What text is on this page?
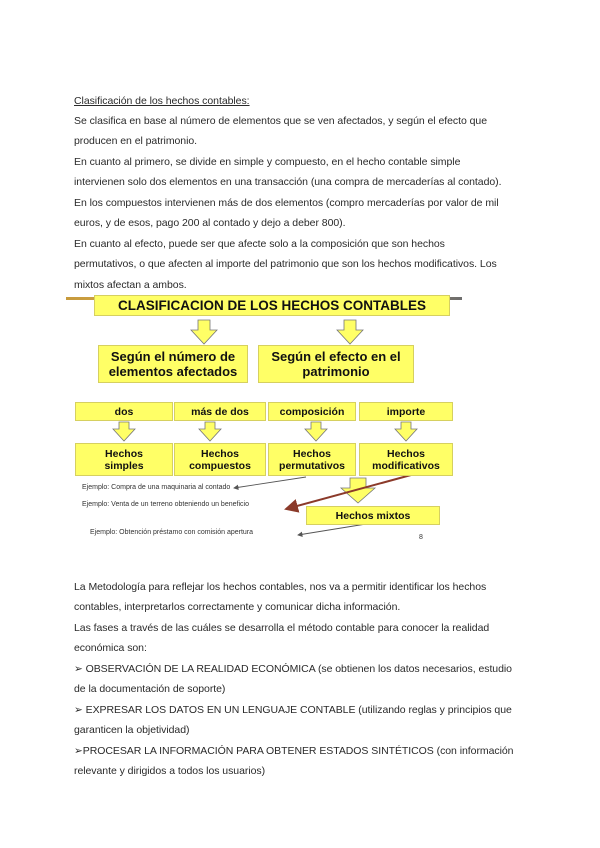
Clasificación de los hechos contables:
Se clasifica en base al número de elementos que se ven afectados, y según el efecto que
producen en el patrimonio.
En cuanto al primero, se divide en simple y compuesto, en el hecho contable simple
intervienen solo dos elementos en una transacción (una compra de mercaderías al contado).
En los compuestos intervienen más de dos elementos (compro mercaderías por valor de mil
euros, y de esos, pago 200 al contado y dejo a deber 800).
En cuanto al efecto, puede ser que afecte solo a la composición que son hechos
permutativos, o que afecten al importe del patrimonio que son los hechos modificativos. Los
mixtos afectan a ambos.
CLASIFICACION DE LOS HECHOS CONTABLES
Según el número de
elementos afectados
Según el efecto en el
patrimonio
dos	más de dos	composición	importe
Hechos
simples
Hechos
compuestos
Hechos
permutativos
Hechos
modificativos
Hechos mixtos
Ejemplo: Compra de una maquinaria al contado
Ejemplo: Venta de un terreno obteniendo un beneficio
Ejemplo: Obtención préstamo con comisión apertura
8
La Metodología para reflejar los hechos contables, nos va a permitir identificar los hechos
contables, interpretarlos correctamente y comunicar dicha información.
Las fases a través de las cuáles se desarrolla el método contable para conocer la realidad
económica son:
➢ OBSERVACIÓN DE LA REALIDAD ECONÓMICA (se obtienen los datos necesarios, estudio
de la documentación de soporte)
➢ EXPRESAR LOS DATOS EN UN LENGUAJE CONTABLE (utilizando reglas y principios que
garanticen la objetividad)
➢PROCESAR LA INFORMACIÓN PARA OBTENER ESTADOS SINTÉTICOS (con información
relevante y dirigidos a todos los usuarios)
